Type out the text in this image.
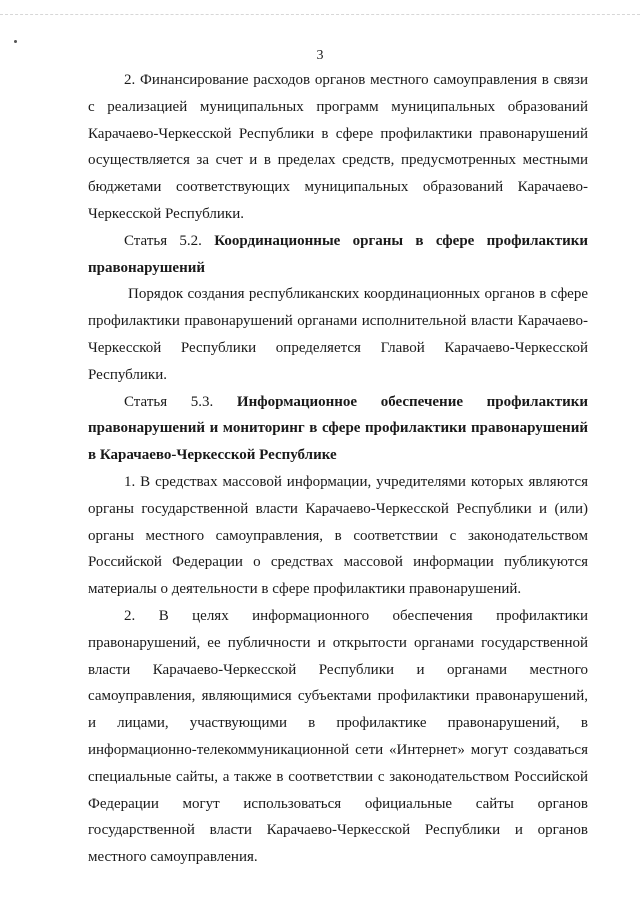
3

2. Финансирование расходов органов местного самоуправления в связи с реализацией муниципальных программ муниципальных образований Карачаево-Черкесской Республики в сфере профилактики правонарушений осуществляется за счет и в пределах средств, предусмотренных местными бюджетами соответствующих муниципальных образований Карачаево-Черкесской Республики.

Статья 5.2. Координационные органы в сфере профилактики правонарушений

Порядок создания республиканских координационных органов в сфере профилактики правонарушений органами исполнительной власти Карачаево-Черкесской Республики определяется Главой Карачаево-Черкесской Республики.

Статья 5.3. Информационное обеспечение профилактики правонарушений и мониторинг в сфере профилактики правонарушений в Карачаево-Черкесской Республике

1. В средствах массовой информации, учредителями которых являются органы государственной власти Карачаево-Черкесской Республики и (или) органы местного самоуправления, в соответствии с законодательством Российской Федерации о средствах массовой информации публикуются материалы о деятельности в сфере профилактики правонарушений.

2. В целях информационного обеспечения профилактики правонарушений, ее публичности и открытости органами государственной власти Карачаево-Черкесской Республики и органами местного самоуправления, являющимися субъектами профилактики правонарушений, и лицами, участвующими в профилактике правонарушений, в информационно-телекоммуникационной сети «Интернет» могут создаваться специальные сайты, а также в соответствии с законодательством Российской Федерации могут использоваться официальные сайты органов государственной власти Карачаево-Черкесской Республики и органов местного самоуправления.
